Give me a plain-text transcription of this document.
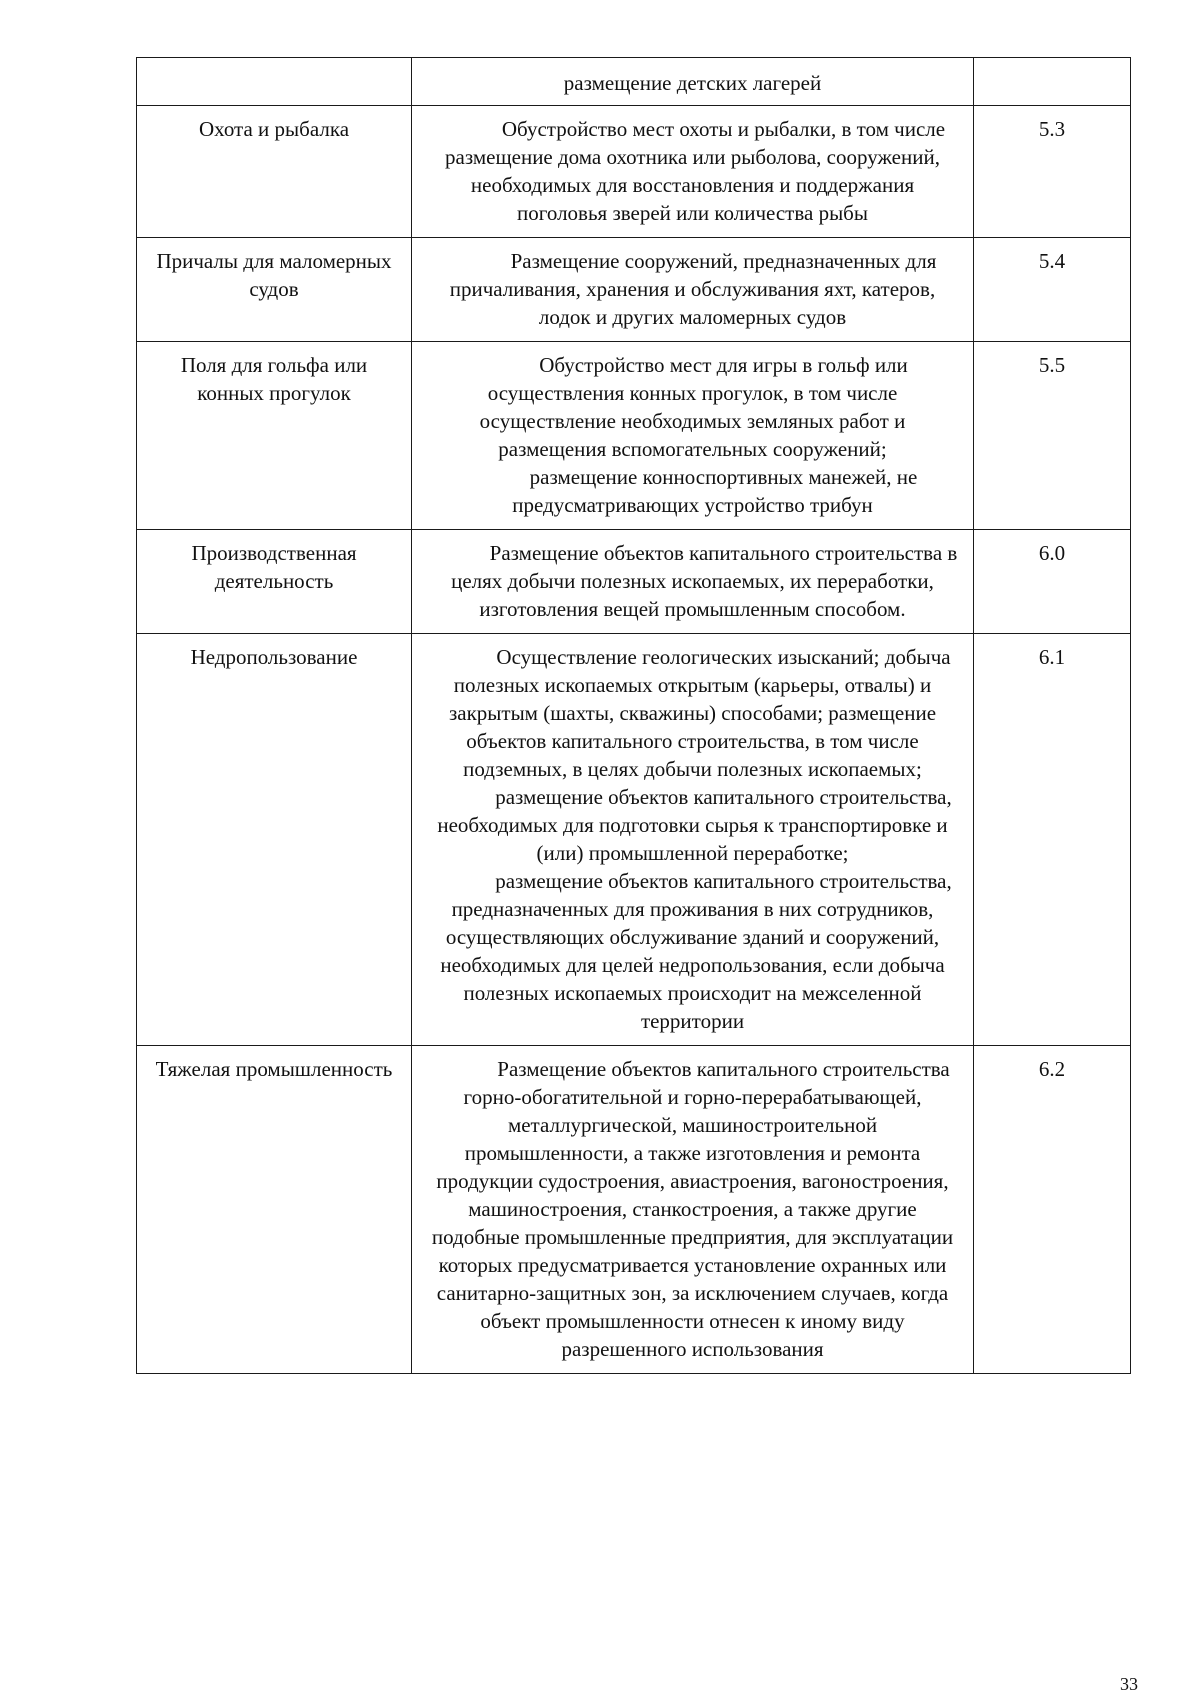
	размещение детских лагерей	
Охота и рыбалка	Обустройство мест охоты и рыбалки, в том числе размещение дома охотника или рыболова, сооружений, необходимых для восстановления и поддержания поголовья зверей или количества рыбы	5.3
Причалы для маломерных судов	Размещение сооружений, предназначенных для причаливания, хранения и обслуживания яхт, катеров, лодок и других маломерных судов	5.4
Поля для гольфа или конных прогулок	Обустройство мест для игры в гольф или осуществления конных прогулок, в том числе осуществление необходимых земляных работ и размещения вспомогательных сооружений;
размещение конноспортивных манежей, не предусматривающих устройство трибун	5.5
Производственная деятельность	Размещение объектов капитального строительства в целях добычи полезных ископаемых, их переработки, изготовления вещей промышленным способом.	6.0
Недропользование	Осуществление геологических изысканий; добыча полезных ископаемых открытым (карьеры, отвалы) и закрытым (шахты, скважины) способами; размещение объектов капитального строительства, в том числе подземных, в целях добычи полезных ископаемых;
размещение объектов капитального строительства, необходимых для подготовки сырья к транспортировке и (или) промышленной переработке;
размещение объектов капитального строительства, предназначенных для проживания в них сотрудников, осуществляющих обслуживание зданий и сооружений, необходимых для целей недропользования, если добыча полезных ископаемых происходит на межселенной территории	6.1
Тяжелая промышленность	Размещение объектов капитального строительства горно-обогатительной и горно-перерабатывающей, металлургической, машиностроительной промышленности, а также изготовления и ремонта продукции судостроения, авиастроения, вагоностроения, машиностроения, станкостроения, а также другие подобные промышленные предприятия, для эксплуатации которых предусматривается установление охранных или санитарно-защитных зон, за исключением случаев, когда объект промышленности отнесен к иному виду разрешенного использования	6.2
33
